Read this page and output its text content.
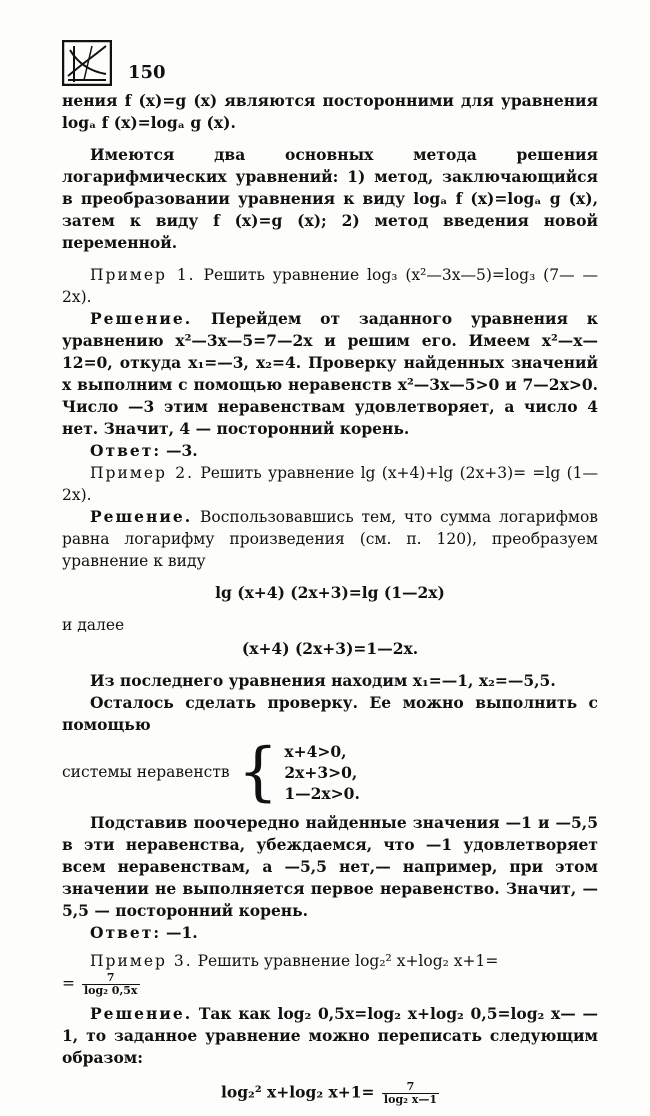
150

нения f (x)=g (x) являются посторонними для уравнения logₐ f (x)=logₐ g (x).

Имеются два основных метода решения логарифмических уравнений: 1) метод, заключающийся в преобразовании уравнения к виду logₐ f (x)=logₐ g (x), затем к виду f (x)=g (x); 2) метод введения новой переменной.

Пример 1. Решить уравнение log₃ (x²—3x—5)=log₃ (7— —2x).

Решение. Перейдем от заданного уравнения к уравнению x²—3x—5=7—2x и решим его. Имеем x²—x—12=0, откуда x₁=—3, x₂=4. Проверку найденных значений x выполним с помощью неравенств x²—3x—5>0 и 7—2x>0. Число —3 этим неравенствам удовлетворяет, а число 4 нет. Значит, 4 — посторонний корень.

Ответ: —3.

Пример 2. Решить уравнение lg (x+4)+lg (2x+3)= =lg (1—2x).

Решение. Воспользовавшись тем, что сумма логарифмов равна логарифму произведения (см. п. 120), преобразуем уравнение к виду

lg (x+4) (2x+3)=lg (1—2x)

и далее

(x+4) (2x+3)=1—2x.

Из последнего уравнения находим x₁=—1, x₂=—5,5.

Осталось сделать проверку. Ее можно выполнить с помощью

системы неравенств { x+4>0,
2x+3>0,
1—2x>0.

Подставив поочередно найденные значения —1 и —5,5 в эти неравенства, убеждаемся, что —1 удовлетворяет всем неравенствам, а —5,5 нет,— например, при этом значении не выполняется первое неравенство. Значит, —5,5 — посторонний корень.

Ответ: —1.

Пример 3. Решить уравнение log₂² x+log₂ x+1=

= $\frac{7}{\text{log₂ 0,5x}}$

Решение. Так как log₂ 0,5x=log₂ x+log₂ 0,5=log₂ x— —1, то заданное уравнение можно переписать следующим образом:

log₂² x+log₂ $x+1= \frac{7}{\text{log₂ x—1}}$
